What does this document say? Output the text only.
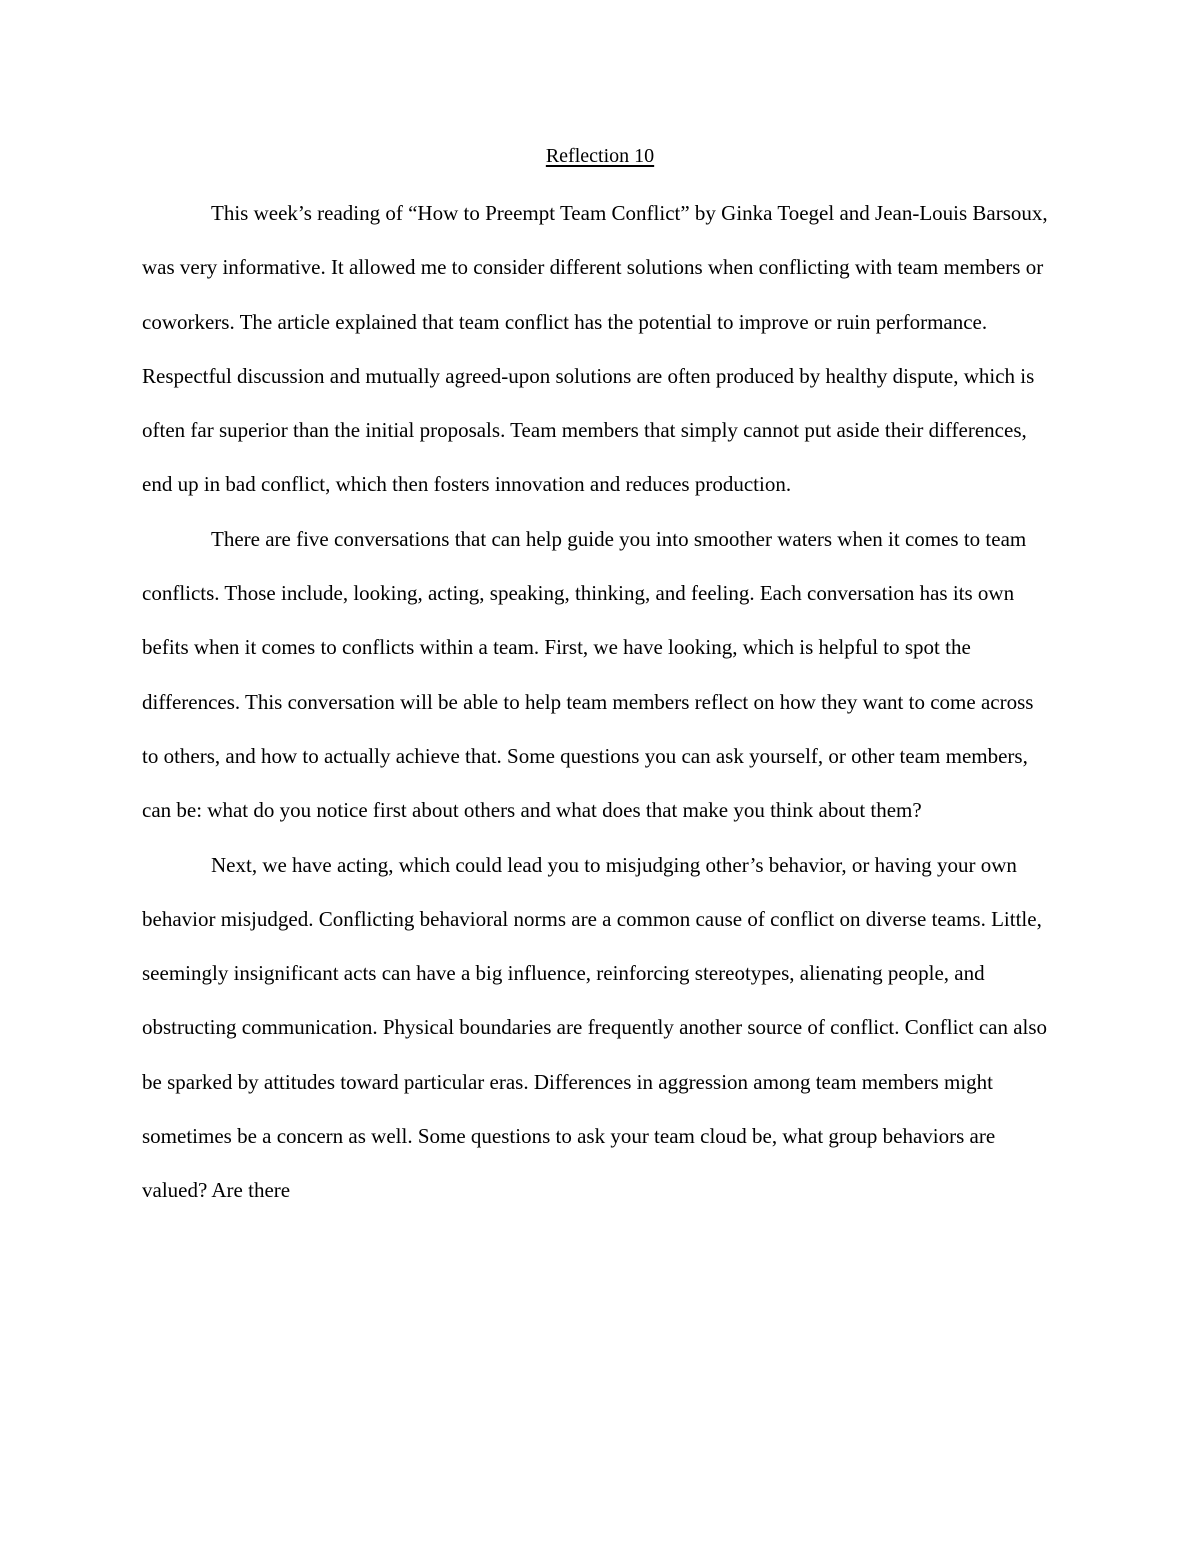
Reflection 10

This week’s reading of “How to Preempt Team Conflict” by Ginka Toegel and Jean-Louis Barsoux, was very informative. It allowed me to consider different solutions when conflicting with team members or coworkers. The article explained that team conflict has the potential to improve or ruin performance. Respectful discussion and mutually agreed-upon solutions are often produced by healthy dispute, which is often far superior than the initial proposals. Team members that simply cannot put aside their differences, end up in bad conflict, which then fosters innovation and reduces production.

There are five conversations that can help guide you into smoother waters when it comes to team conflicts. Those include, looking, acting, speaking, thinking, and feeling. Each conversation has its own befits when it comes to conflicts within a team. First, we have looking, which is helpful to spot the differences. This conversation will be able to help team members reflect on how they want to come across to others, and how to actually achieve that. Some questions you can ask yourself, or other team members, can be: what do you notice first about others and what does that make you think about them?

Next, we have acting, which could lead you to misjudging other’s behavior, or having your own behavior misjudged. Conflicting behavioral norms are a common cause of conflict on diverse teams. Little, seemingly insignificant acts can have a big influence, reinforcing stereotypes, alienating people, and obstructing communication. Physical boundaries are frequently another source of conflict. Conflict can also be sparked by attitudes toward particular eras. Differences in aggression among team members might sometimes be a concern as well. Some questions to ask your team cloud be, what group behaviors are valued? Are there
